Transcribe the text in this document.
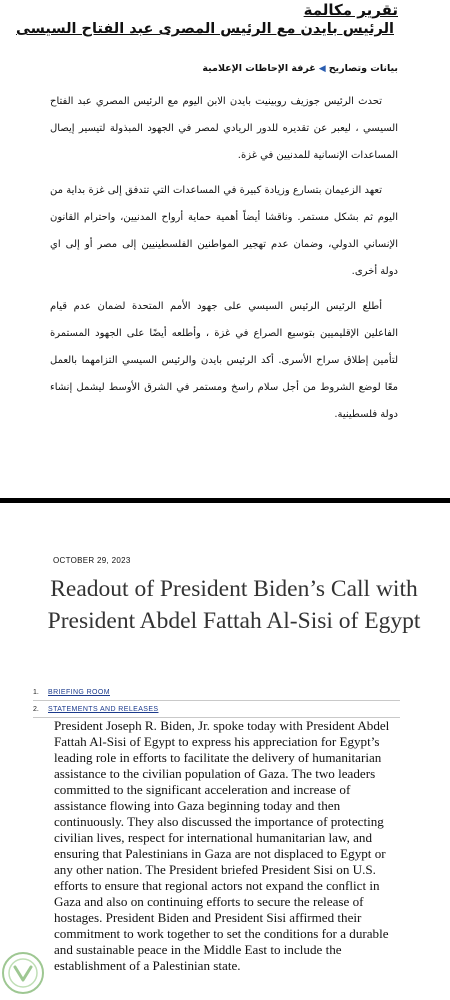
تقرير مكالمة
الرئيس بايدن مع الرئيس المصرى عبد الفتاح السيسى
بيانات وتصاريح
◀
غرفة الإحاطات الإعلامية

تحدث الرئيس جوزيف روبينيت بايدن الابن اليوم مع الرئيس المصري عبد الفتاح السيسي ، ليعبر عن تقديره للدور الريادي لمصر في الجهود المبذولة لتيسير إيصال المساعدات الإنسانية للمدنيين في غزة.

تعهد الزعيمان بتسارع وزيادة كبيرة في المساعدات التي تتدفق إلى غزة بداية من اليوم ثم بشكل مستمر. وناقشا أيضاً أهمية حماية أرواح المدنيين، واحترام القانون الإنساني الدولي، وضمان عدم تهجير المواطنين الفلسطينيين إلى مصر أو إلى اي دولة أخرى.

أطلع الرئيس الرئيس السيسي على جهود الأمم المتحدة لضمان عدم قيام الفاعلين الإقليميين بتوسيع الصراع في غزة ، وأطلعه أيضًا على الجهود المستمرة لتأمين إطلاق سراح الأسرى. أكد الرئيس بايدن والرئيس السيسي التزامهما بالعمل معًا لوضع الشروط من أجل سلام راسخ ومستمر في الشرق الأوسط ليشمل إنشاء دولة فلسطينية.

OCTOBER 29, 2023
Readout of President Biden’s Call with President Abdel Fattah Al-Sisi of Egypt
1.	BRIEFING ROOM
2.	STATEMENTS AND RELEASES
President Joseph R. Biden, Jr. spoke today with President Abdel Fattah Al-Sisi of Egypt to express his appreciation for Egypt’s leading role in efforts to facilitate the delivery of humanitarian assistance to the civilian population of Gaza. The two leaders committed to the significant acceleration and increase of assistance flowing into Gaza beginning today and then continuously. They also discussed the importance of protecting civilian lives, respect for international humanitarian law, and ensuring that Palestinians in Gaza are not displaced to Egypt or any other nation. The President briefed President Sisi on U.S. efforts to ensure that regional actors not expand the conflict in Gaza and also on continuing efforts to secure the release of hostages. President Biden and President Sisi affirmed their commitment to work together to set the conditions for a durable and sustainable peace in the Middle East to include the establishment of a Palestinian state.
